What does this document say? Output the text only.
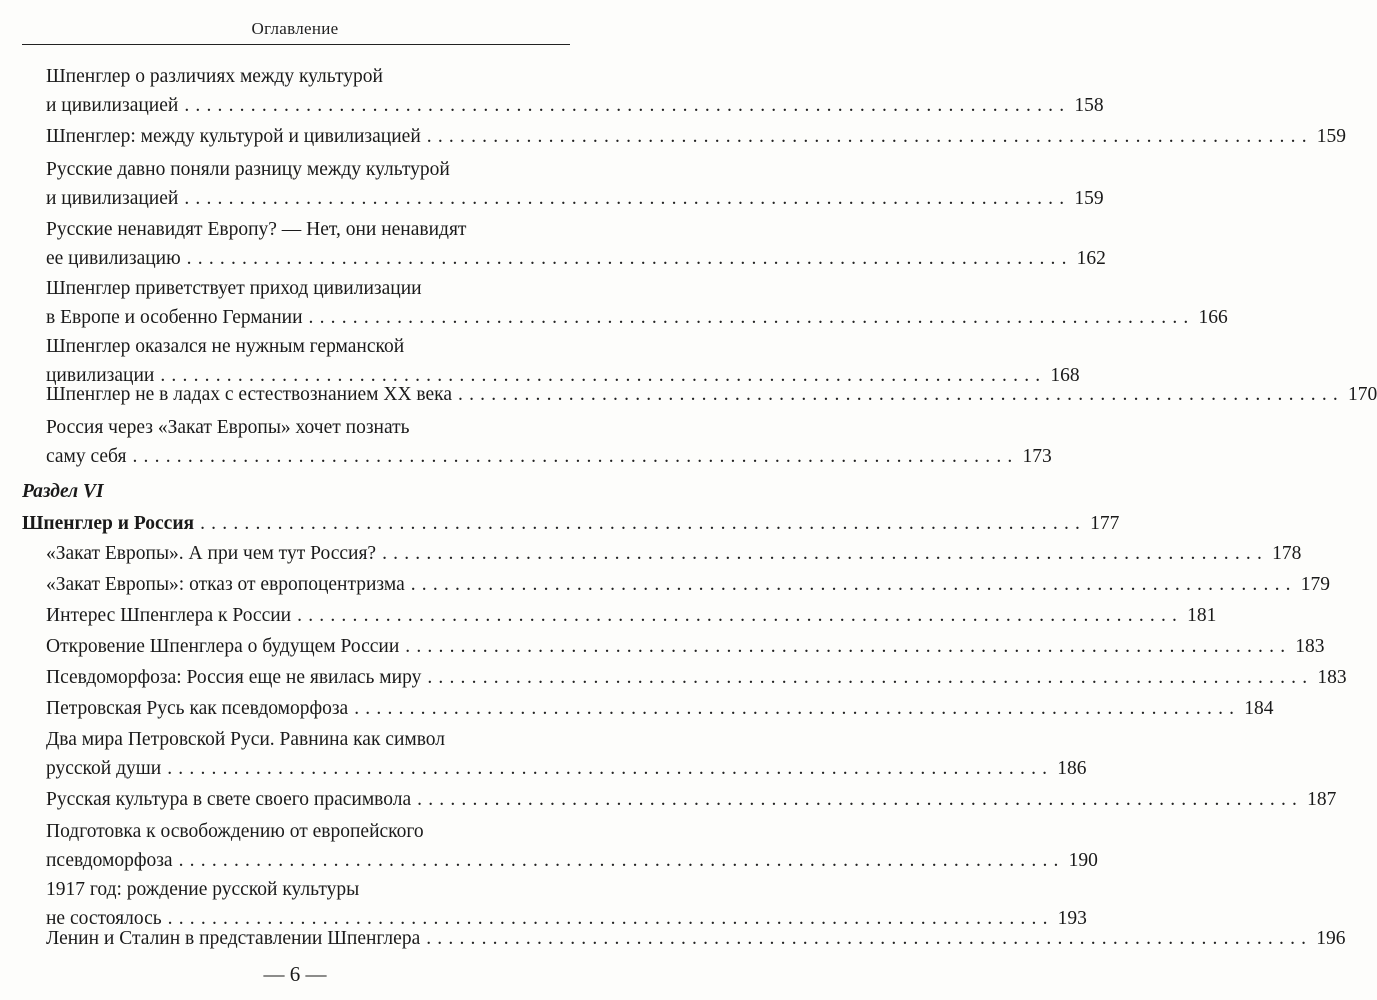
Оглавление
Шпенглер о различиях между культурой
и цивилизацией ................................................................................ 158
Шпенглер: между культурой и цивилизацией ................................................................................ 159
Русские давно поняли разницу между культурой
и цивилизацией ................................................................................ 159
Русские ненавидят Европу? — Нет, они ненавидят
ее цивилизацию ................................................................................ 162
Шпенглер приветствует приход цивилизации
в Европе и особенно Германии ................................................................................ 166
Шпенглер оказался не нужным германской
цивилизации ................................................................................ 168
Шпенглер не в ладах с естествознанием XX века ................................................................................ 170
Россия через «Закат Европы» хочет познать
саму себя ................................................................................ 173
Раздел VI
Шпенглер и Россия ................................................................................ 177
«Закат Европы». А при чем тут Россия? ................................................................................ 178
«Закат Европы»: отказ от европоцентризма ................................................................................ 179
Интерес Шпенглера к России ................................................................................ 181
Откровение Шпенглера о будущем России ................................................................................ 183
Псевдоморфоза: Россия еще не явилась миру ................................................................................ 183
Петровская Русь как псевдоморфоза ................................................................................ 184
Два мира Петровской Руси. Равнина как символ
русской души ................................................................................ 186
Русская культура в свете своего прасимвола ................................................................................ 187
Подготовка к освобождению от европейского
псевдоморфоза ................................................................................ 190
1917 год: рождение русской культуры
не состоялось ................................................................................ 193
Ленин и Сталин в представлении Шпенглера ................................................................................ 196
— 6 —
